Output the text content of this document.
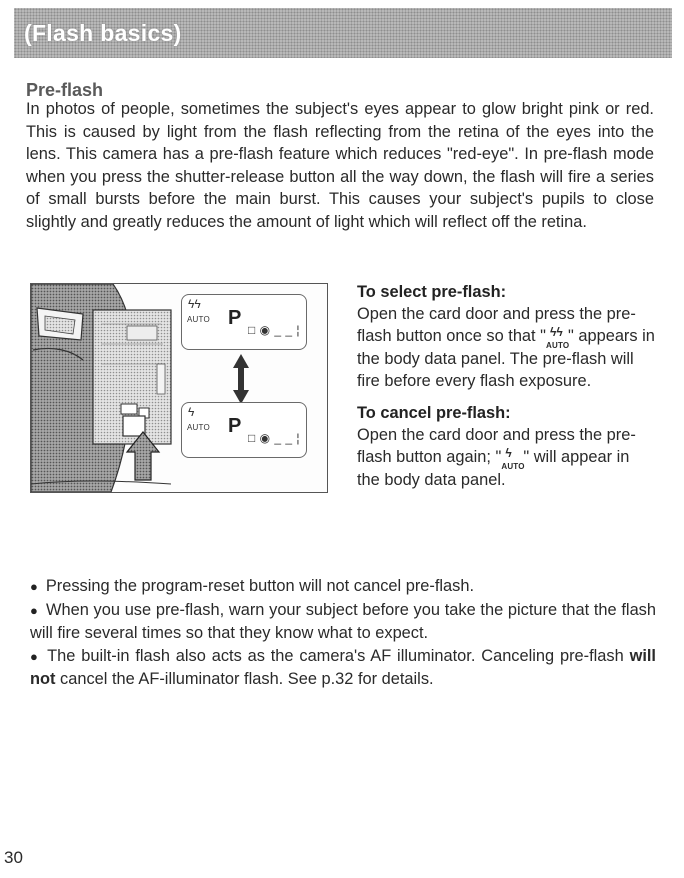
(Flash basics)
Pre-flash
In photos of people, sometimes the subject's eyes appear to glow bright pink or red. This is caused by light from the flash reflecting from the retina of the eyes into the lens. This camera has a pre-flash feature which reduces "red-eye". In pre-flash mode when you press the shutter-release button all the way down, the flash will fire a series of small bursts before the main burst. This causes your subject's pupils to close slightly and greatly reduces the amount of light which will reflect off the retina.
ϟϟ
AUTO P
□ ◉ _ _ ¦
ϟ
AUTO P
□ ◉ _ _ ¦
To select pre-flash:
Open the card door and press the pre-flash button once so that " ϟϟ
AUTO
" appears in the body data panel. The pre-flash will fire before every flash exposure.
To cancel pre-flash:
Open the card door and press the pre-flash button again; " ϟ
AUTO
" will appear in the body data panel.

● Pressing the program-reset button will not cancel pre-flash.

● When you use pre-flash, warn your subject before you take the picture that the flash will fire several times so that they know what to expect.

● The built-in flash also acts as the camera's AF illuminator. Canceling pre-flash will not cancel the AF-illuminator flash. See p.32 for details.

30
